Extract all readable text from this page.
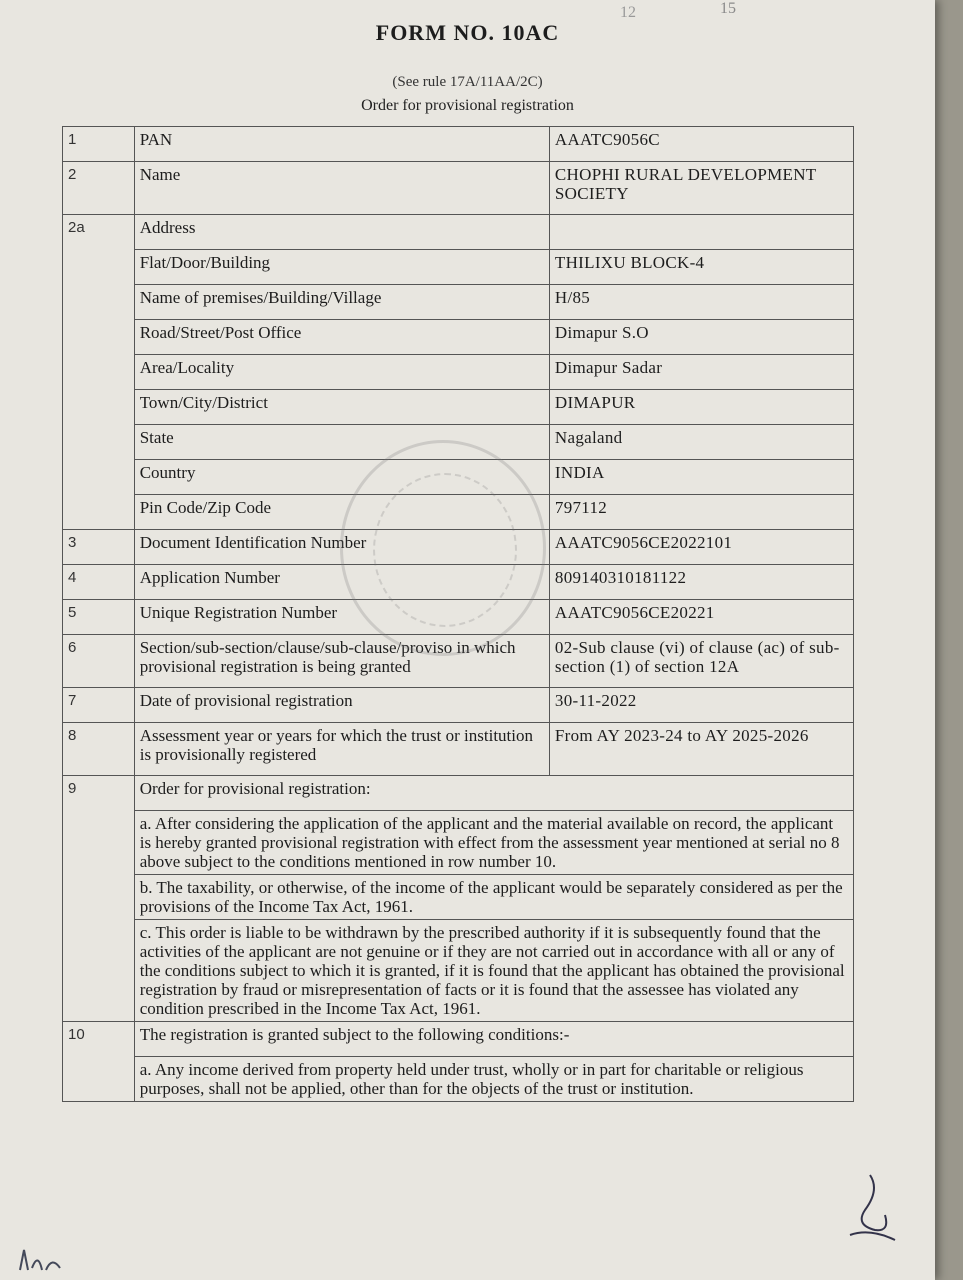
12	15
FORM NO. 10AC
(See rule 17A/11AA/2C)
Order for provisional registration
1	PAN	AAATC9056C
2	Name	CHOPHI RURAL DEVELOPMENT SOCIETY
2a	Address	
	Flat/Door/Building	THILIXU BLOCK-4
	Name of premises/Building/Village	H/85
	Road/Street/Post Office	Dimapur S.O
	Area/Locality	Dimapur Sadar
	Town/City/District	DIMAPUR
	State	Nagaland
	Country	INDIA
	Pin Code/Zip Code	797112
3	Document Identification Number	AAATC9056CE2022101
4	Application Number	809140310181122
5	Unique Registration Number	AAATC9056CE20221
6	Section/sub-section/clause/sub-clause/proviso in which provisional registration is being granted	02-Sub clause (vi) of clause (ac) of sub-section (1) of section 12A
7	Date of provisional registration	30-11-2022
8	Assessment year or years for which the trust or institution is provisionally registered	From AY 2023-24 to AY 2025-2026
9	Order for provisional registration:	
	a. After considering the application of the applicant and the material available on record, the applicant is hereby granted provisional registration with effect from the assessment year mentioned at serial no 8 above subject to the conditions mentioned in row number 10.	
	b. The taxability, or otherwise, of the income of the applicant would be separately considered as per the provisions of the Income Tax Act, 1961.	
	c. This order is liable to be withdrawn by the prescribed authority if it is subsequently found that the activities of the applicant are not genuine or if they are not carried out in accordance with all or any of the conditions subject to which it is granted, if it is found that the applicant has obtained the provisional registration by fraud or misrepresentation of facts or it is found that the assessee has violated any condition prescribed in the Income Tax Act, 1961.	
10	The registration is granted subject to the following conditions:-	
	a. Any income derived from property held under trust, wholly or in part for charitable or religious purposes, shall not be applied, other than for the objects of the trust or institution.	
